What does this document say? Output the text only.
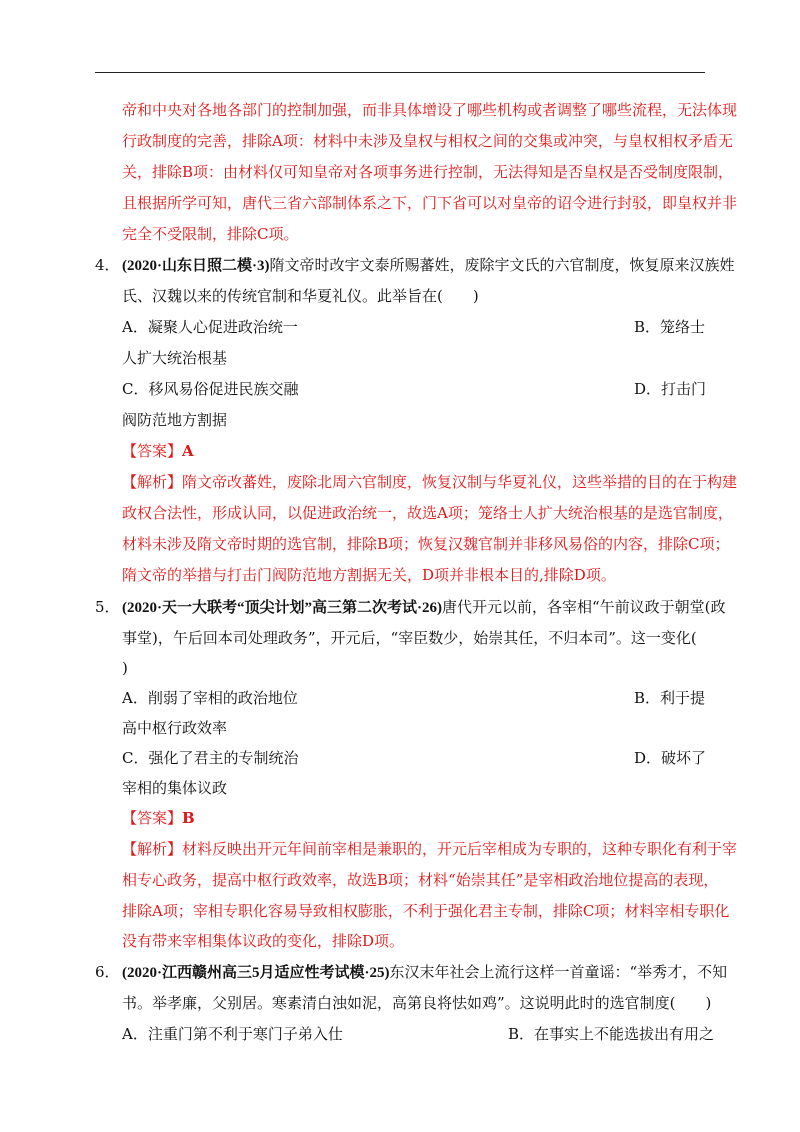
帝和中央对各地各部门的控制加强，而非具体增设了哪些机构或者调整了哪些流程，无法体现
行政制度的完善，排除A项：材料中未涉及皇权与相权之间的交集或冲突，与皇权相权矛盾无
关，排除B项：由材料仅可知皇帝对各项事务进行控制，无法得知是否皇权是否受制度限制，
且根据所学可知，唐代三省六部制体系之下，门下省可以对皇帝的诏令进行封驳，即皇权并非
完全不受限制，排除C项。
4． (2020·山东日照二模·3)隋文帝时改宇文泰所赐蕃姓，废除宇文氏的六官制度，恢复原来汉族姓
氏、汉魏以来的传统官制和华夏礼仪。此举旨在(　　)
A．凝聚人心促进政治统一	B．笼络士
人扩大统治根基
C．移风易俗促进民族交融	D．打击门
阀防范地方割据
【答案】A
【解析】隋文帝改蕃姓，废除北周六官制度，恢复汉制与华夏礼仪，这些举措的目的在于构建
政权合法性，形成认同，以促进政治统一，故选A项；笼络士人扩大统治根基的是选官制度，
材料未涉及隋文帝时期的选官制，排除B项；恢复汉魏官制并非移风易俗的内容，排除C项；
隋文帝的举措与打击门阀防范地方割据无关，D项并非根本目的,排除D项。
5． (2020·天一大联考“顶尖计划”高三第二次考试·26)唐代开元以前，各宰相“午前议政于朝堂(政
事堂)，午后回本司处理政务”，开元后，“宰臣数少，始崇其任，不归本司”。这一变化(
)
A．削弱了宰相的政治地位	B．利于提
高中枢行政效率
C．强化了君主的专制统治	D．破坏了
宰相的集体议政
【答案】B
【解析】材料反映出开元年间前宰相是兼职的，开元后宰相成为专职的，这种专职化有利于宰
相专心政务，提高中枢行政效率，故选B项；材料“始崇其任”是宰相政治地位提高的表现，
排除A项；宰相专职化容易导致相权膨胀，不利于强化君主专制，排除C项；材料宰相专职化
没有带来宰相集体议政的变化，排除D项。
6． (2020·江西赣州高三5月适应性考试模·25)东汉末年社会上流行这样一首童谣：“举秀才，不知
书。举孝廉，父别居。寒素清白浊如泥，高第良将怯如鸡”。这说明此时的选官制度(　　)
A．注重门第不利于寒门子弟入仕	B．在事实上不能选拔出有用之
